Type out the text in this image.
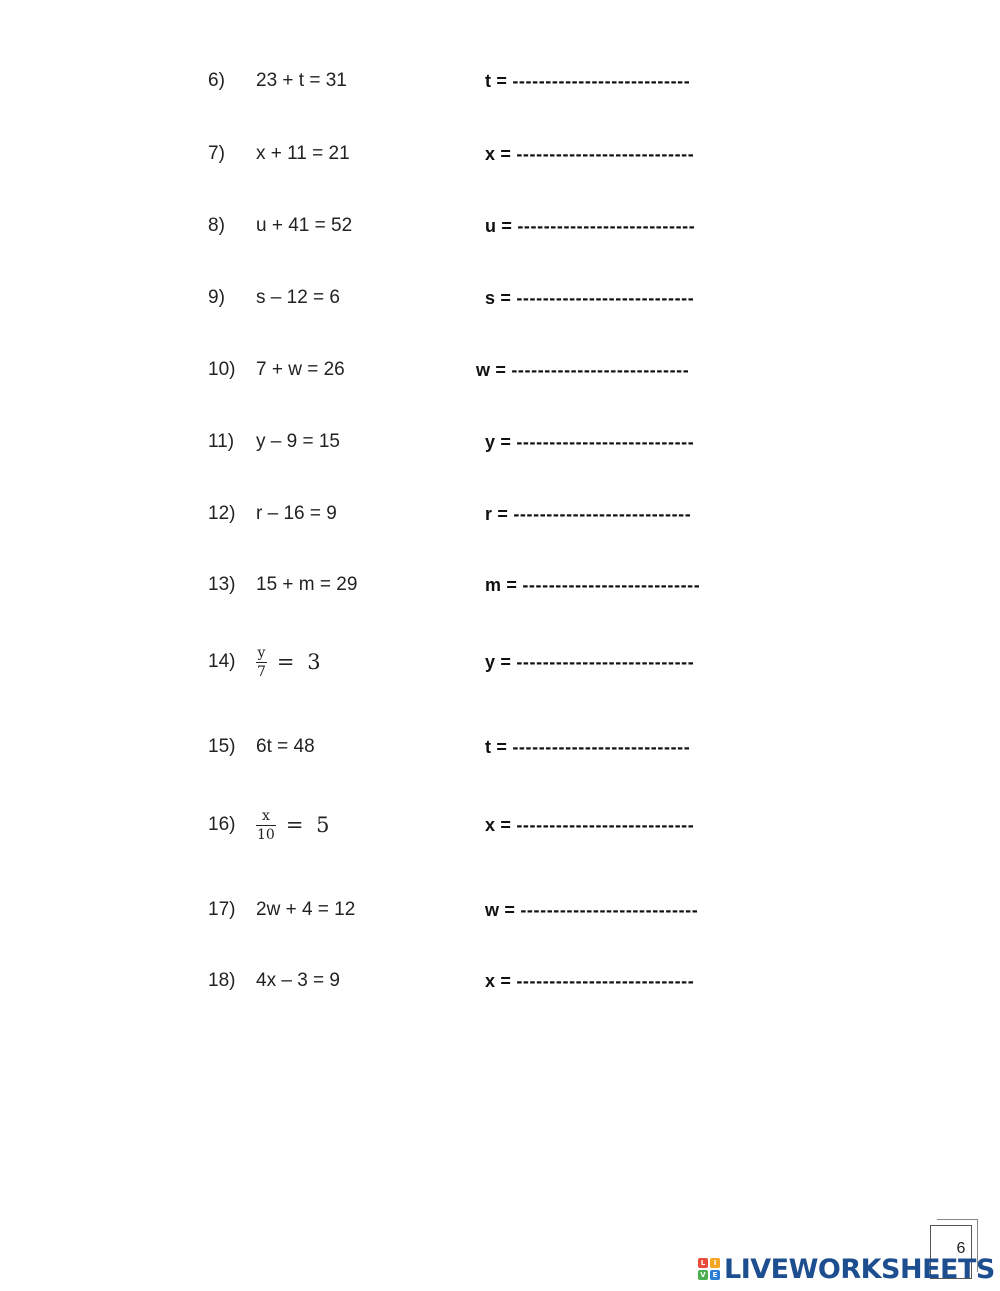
6) 23 + t = 31	t = ---------------------------
7) x + 11 = 21	x = ---------------------------
8) u + 41 = 52	u = ---------------------------
9) s – 12 = 6	s = ---------------------------
10) 7 + w = 26	w = ---------------------------
11) y – 9 = 15	y = ---------------------------
12) r – 16 = 9	r = ---------------------------
13) 15 + m = 29	m = ---------------------------
$14) \frac{y}{7} = 3$	y = ---------------------------
15) 6t = 48	t = ---------------------------
$16) \frac{x}{10} = 5$	x = ---------------------------
17) 2w + 4 = 12	w = ---------------------------
18) 4x – 3 = 9	x = ---------------------------
6
L	I
V E LIVEWORKSHEETS
